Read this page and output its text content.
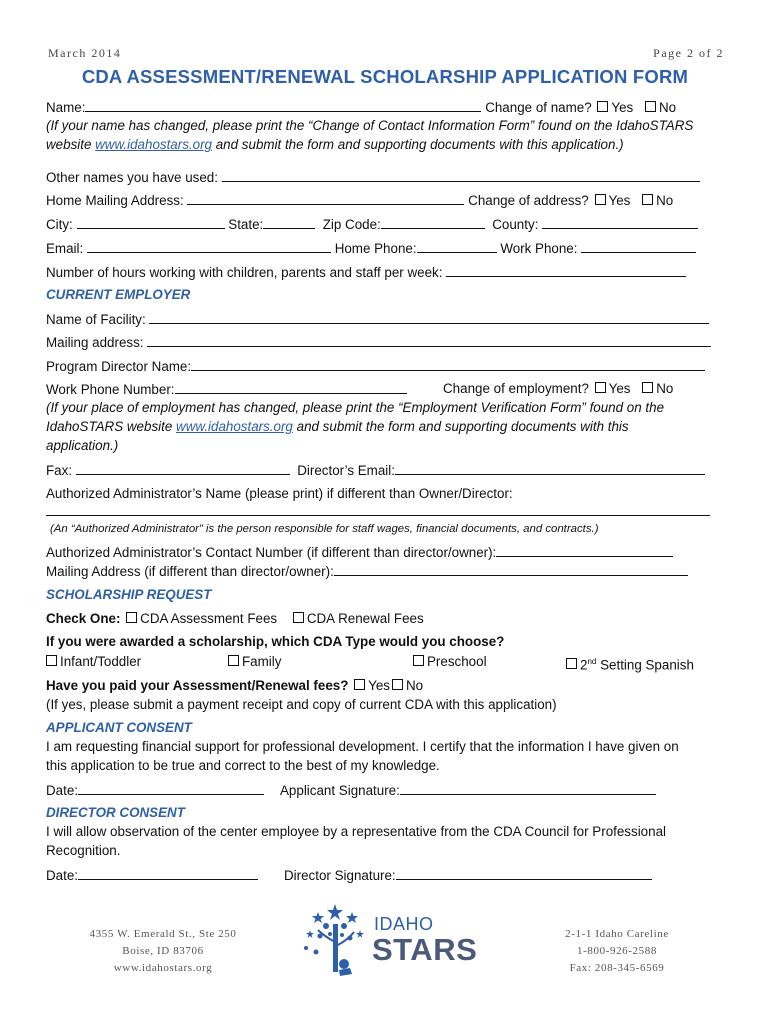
March 2014	Page 2 of 2
CDA ASSESSMENT/RENEWAL SCHOLARSHIP APPLICATION FORM
Name:	Change of name? Yes No
(If your name has changed, please print the “Change of Contact Information Form” found on the IdahoSTARS
website www.idahostars.org and submit the form and supporting documents with this application.)
Other names you have used:
Home Mailing Address:	Change of address? Yes No
City:	State:	Zip Code:	County:
Email:	Home Phone:	Work Phone:
Number of hours working with children, parents and staff per week:
CURRENT EMPLOYER
Name of Facility:
Mailing address:
Program Director Name:
Work Phone Number:	Change of employment? Yes No
(If your place of employment has changed, please print the “Employment Verification Form” found on the
IdahoSTARS website www.idahostars.org and submit the form and supporting documents with this
application.)
Fax:	Director’s Email:
Authorized Administrator’s Name (please print) if different than Owner/Director:
(An “Authorized Administrator” is the person responsible for staff wages, financial documents, and contracts.)
Authorized Administrator’s Contact Number (if different than director/owner):
Mailing Address (if different than director/owner):
SCHOLARSHIP REQUEST
Check One: CDA Assessment Fees CDA Renewal Fees
If you were awarded a scholarship, which CDA Type would you choose?
Infant/Toddler	Family	Preschool	2nd Setting Spanish
Have you paid your Assessment/Renewal fees? Yes No
(If yes, please submit a payment receipt and copy of current CDA with this application)
APPLICANT CONSENT
I am requesting financial support for professional development. I certify that the information I have given on
this application to be true and correct to the best of my knowledge.
Date:	Applicant Signature:
DIRECTOR CONSENT
I will allow observation of the center employee by a representative from the CDA Council for Professional
Recognition.
Date:	Director Signature:
4355 W. Emerald St., Ste 250
Boise, ID 83706
www.idahostars.org
IDAHO
STARS	2-1-1 Idaho Careline
1-800-926-2588
Fax: 208-345-6569
